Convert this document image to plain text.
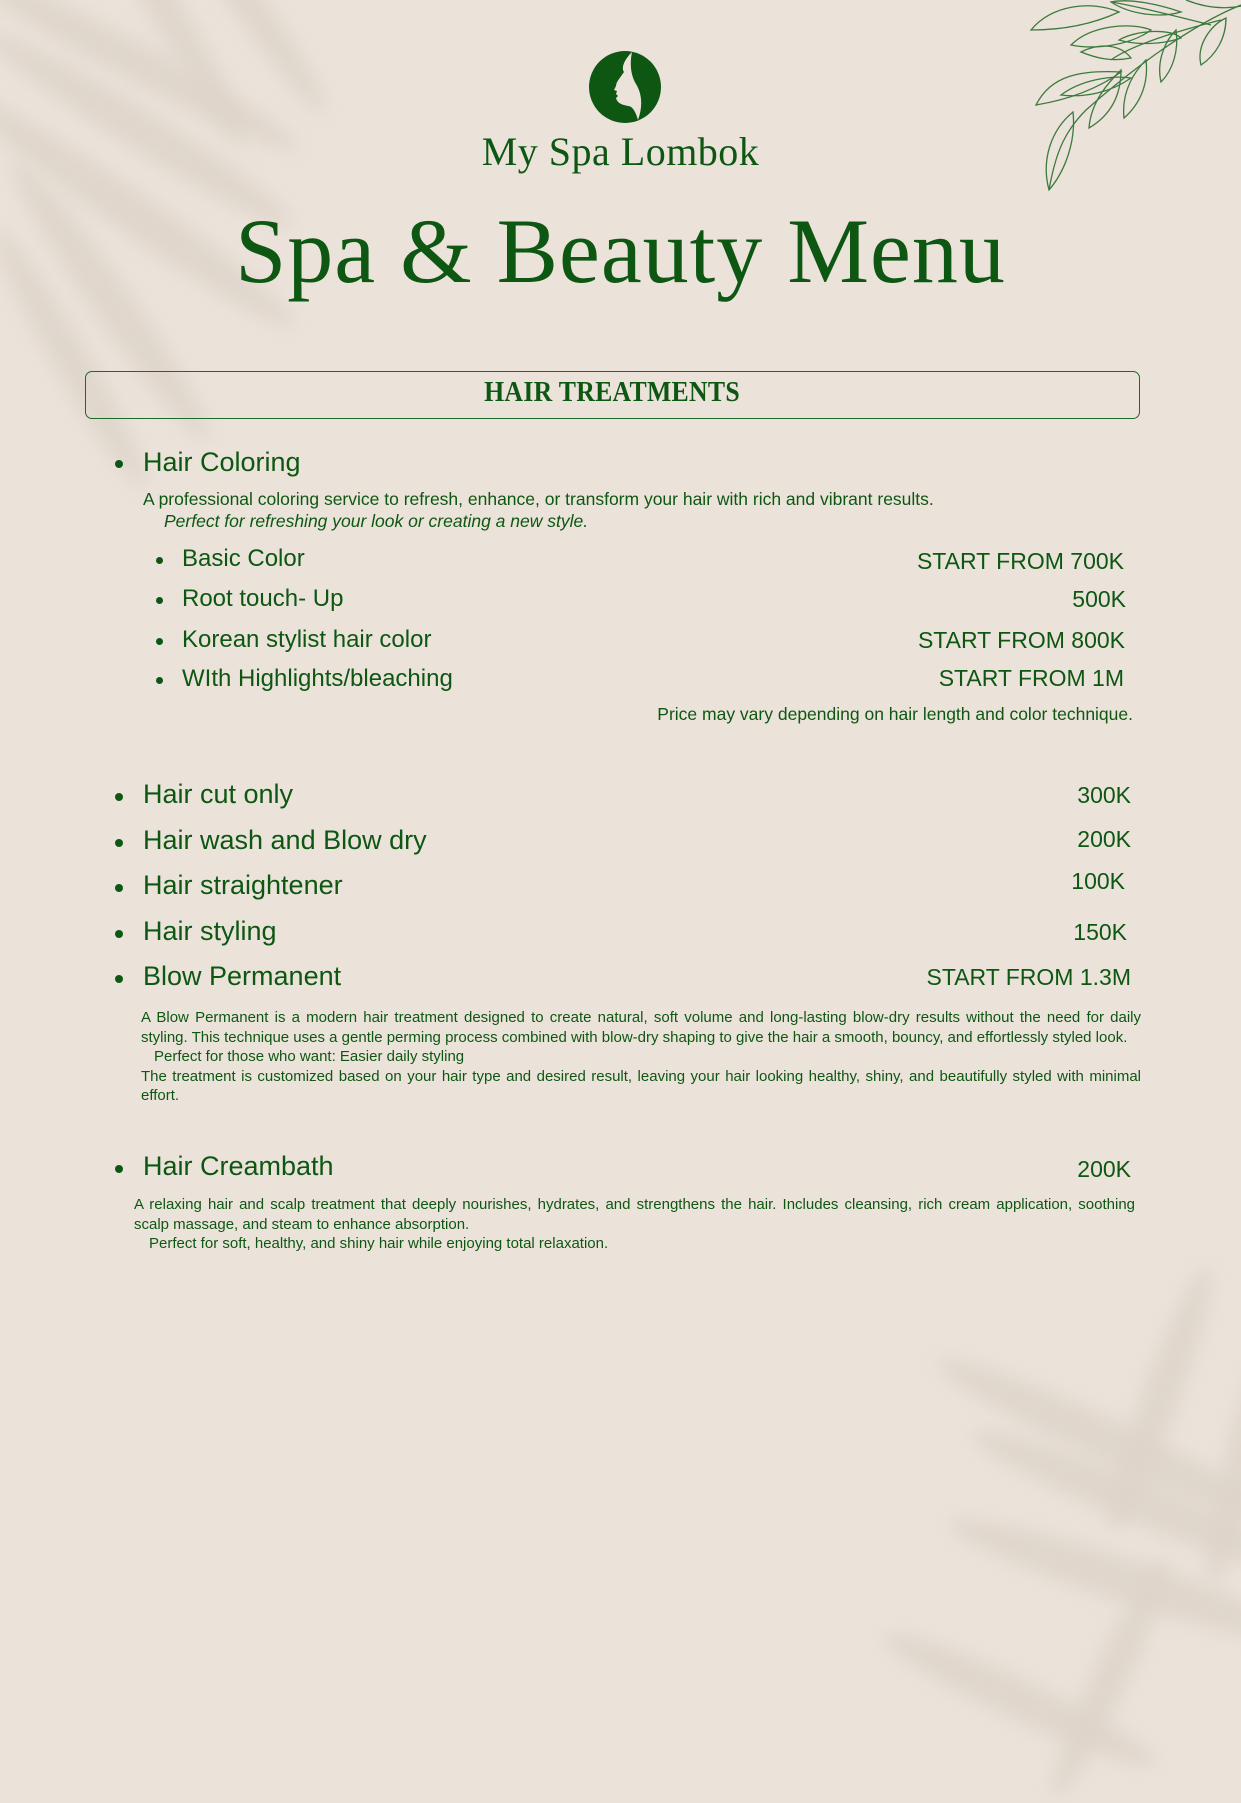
My Spa Lombok
Spa & Beauty Menu
HAIR TREATMENTS
Hair Coloring
A professional coloring service to refresh, enhance, or transform your hair with rich and vibrant results.
Perfect for refreshing your look or creating a new style.
Basic Color	START FROM 700K
Root touch- Up	500K
Korean stylist hair color	START FROM 800K
WIth Highlights/bleaching	START FROM 1M
Price may vary depending on hair length and color technique.
Hair cut only	300K
Hair wash and Blow dry	200K
Hair straightener	100K
Hair styling	150K
Blow Permanent	START FROM 1.3M
A Blow Permanent is a modern hair treatment designed to create natural, soft volume and long-lasting blow-dry results without the need for daily styling. This technique uses a gentle perming process combined with blow-dry shaping to give the hair a smooth, bouncy, and effortlessly styled look.
Perfect for those who want: Easier daily styling
The treatment is customized based on your hair type and desired result, leaving your hair looking healthy, shiny, and beautifully styled with minimal effort.
Hair Creambath	200K
A relaxing hair and scalp treatment that deeply nourishes, hydrates, and strengthens the hair. Includes cleansing, rich cream application, soothing scalp massage, and steam to enhance absorption.
Perfect for soft, healthy, and shiny hair while enjoying total relaxation.
